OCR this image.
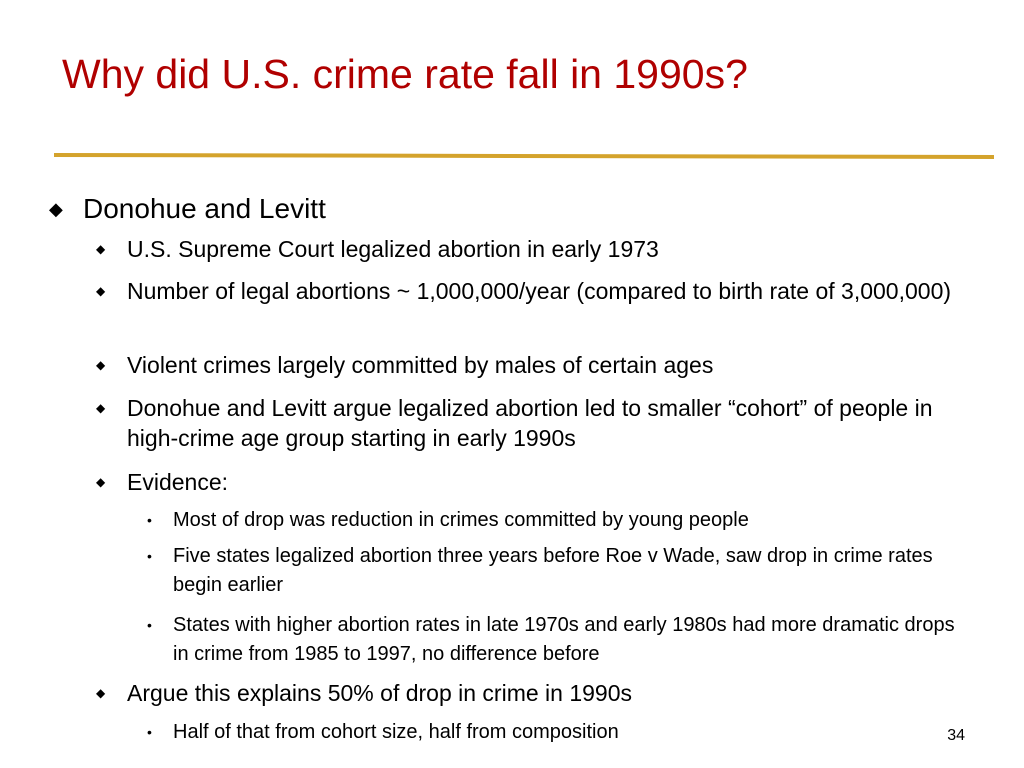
Why did U.S. crime rate fall in 1990s?
◆ Donohue and Levitt
◆ U.S. Supreme Court legalized abortion in early 1973
◆ Number of legal abortions ~ 1,000,000/year (compared to birth rate of 3,000,000)
◆ Violent crimes largely committed by males of certain ages
◆ Donohue and Levitt argue legalized abortion led to smaller “cohort” of people in high-crime age group starting in early 1990s
◆ Evidence:
• Most of drop was reduction in crimes committed by young people
• Five states legalized abortion three years before Roe v Wade, saw drop in crime rates begin earlier
• States with higher abortion rates in late 1970s and early 1980s had more dramatic drops in crime from 1985 to 1997, no difference before
◆ Argue this explains 50% of drop in crime in 1990s
• Half of that from cohort size, half from composition	34
